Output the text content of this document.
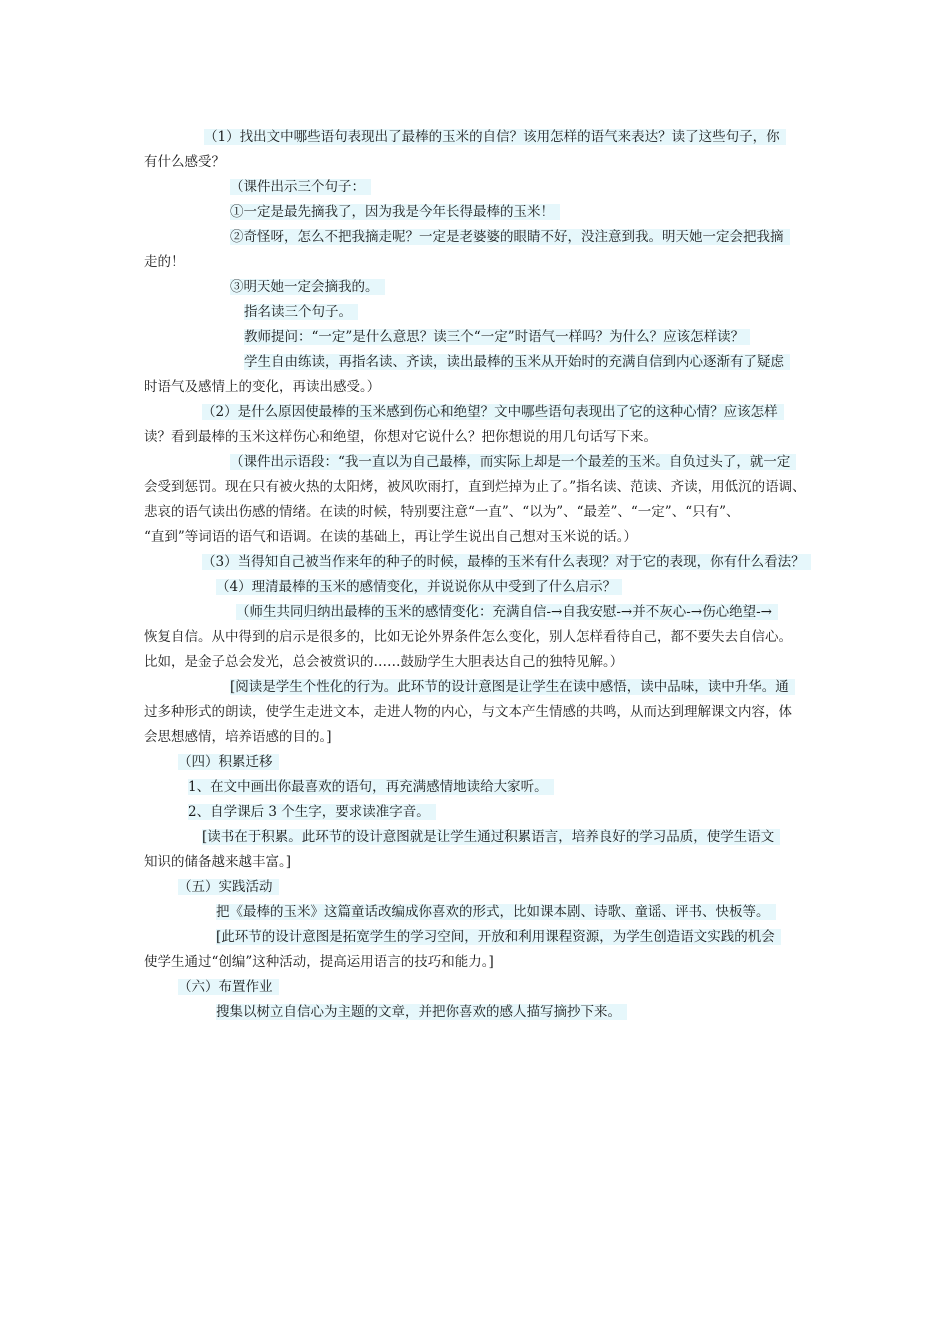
（1）找出文中哪些语句表现出了最棒的玉米的自信？该用怎样的语气来表达？读了这些句子，你
有什么感受？
（课件出示三个句子：
①一定是最先摘我了，因为我是今年长得最棒的玉米！
②奇怪呀，怎么不把我摘走呢？一定是老婆婆的眼睛不好，没注意到我。明天她一定会把我摘
走的！
③明天她一定会摘我的。
指名读三个句子。
教师提问：“一定”是什么意思？读三个“一定”时语气一样吗？为什么？应该怎样读？
学生自由练读，再指名读、齐读，读出最棒的玉米从开始时的充满自信到内心逐渐有了疑虑
时语气及感情上的变化，再读出感受。）
（2）是什么原因使最棒的玉米感到伤心和绝望？文中哪些语句表现出了它的这种心情？应该怎样
读？看到最棒的玉米这样伤心和绝望，你想对它说什么？把你想说的用几句话写下来。
（课件出示语段：“我一直以为自己最棒，而实际上却是一个最差的玉米。自负过头了，就一定
会受到惩罚。现在只有被火热的太阳烤，被风吹雨打，直到烂掉为止了。”指名读、范读、齐读，用低沉的语调、
悲哀的语气读出伤感的情绪。在读的时候，特别要注意“一直”、“以为”、“最差”、“一定”、“只有”、
“直到”等词语的语气和语调。在读的基础上，再让学生说出自己想对玉米说的话。）
（3）当得知自己被当作来年的种子的时候，最棒的玉米有什么表现？对于它的表现，你有什么看法？
（4）理清最棒的玉米的感情变化，并说说你从中受到了什么启示？
（师生共同归纳出最棒的玉米的感情变化：充满自信-→自我安慰-→并不灰心-→伤心绝望-→
恢复自信。从中得到的启示是很多的，比如无论外界条件怎么变化，别人怎样看待自己，都不要失去自信心。
比如，是金子总会发光，总会被赏识的……鼓励学生大胆表达自己的独特见解。）
[阅读是学生个性化的行为。此环节的设计意图是让学生在读中感悟，读中品味，读中升华。通
过多种形式的朗读，使学生走进文本，走进人物的内心，与文本产生情感的共鸣，从而达到理解课文内容，体
会思想感情，培养语感的目的。]
（四）积累迁移
1、在文中画出你最喜欢的语句，再充满感情地读给大家听。
2、自学课后 3 个生字，要求读准字音。
[读书在于积累。此环节的设计意图就是让学生通过积累语言，培养良好的学习品质，使学生语文
知识的储备越来越丰富。]
（五）实践活动
把《最棒的玉米》这篇童话改编成你喜欢的形式，比如课本剧、诗歌、童谣、评书、快板等。
[此环节的设计意图是拓宽学生的学习空间，开放和利用课程资源，为学生创造语文实践的机会
使学生通过“创编”这种活动，提高运用语言的技巧和能力。]
（六）布置作业
搜集以树立自信心为主题的文章，并把你喜欢的感人描写摘抄下来。
